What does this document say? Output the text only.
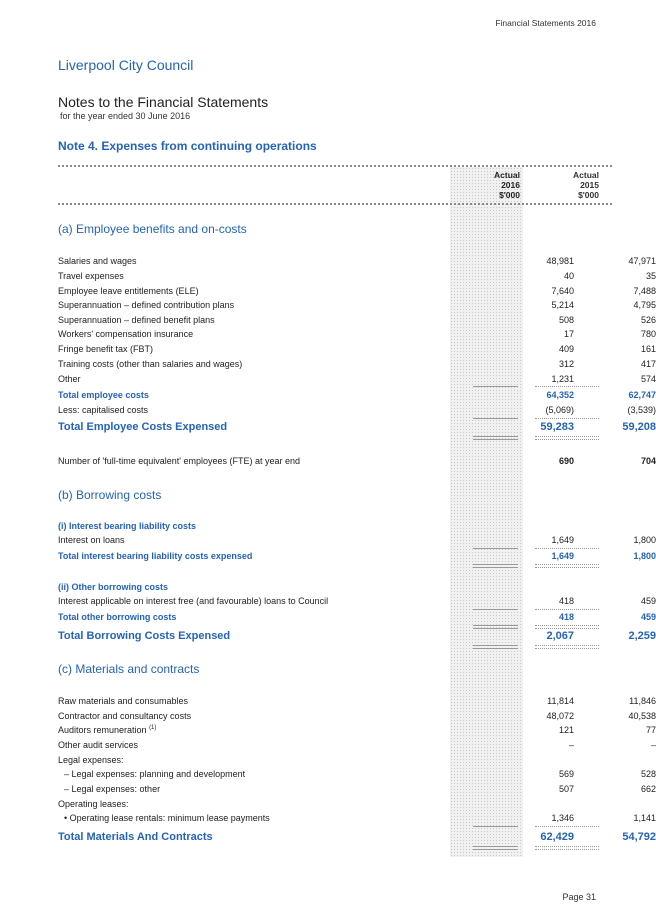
Financial Statements 2016
Liverpool City Council
Notes to the Financial Statements
for the year ended 30 June 2016
Note 4. Expenses from continuing operations
Actual
2016
$'000
Actual
2015
$'000
(a) Employee benefits and on-costs
Salaries and wages	48,981	47,971
Travel expenses	40	35
Employee leave entitlements (ELE)	7,640	7,488
Superannuation – defined contribution plans	5,214	4,795
Superannuation – defined benefit plans	508	526
Workers' compensation insurance	17	780
Fringe benefit tax (FBT)	409	161
Training costs (other than salaries and wages)	312	417
Other	1,231	574
Total employee costs	64,352	62,747
Less: capitalised costs	(5,069)	(3,539)
Total Employee Costs Expensed	59,283	59,208
Number of 'full-time equivalent' employees (FTE) at year end	690	704
(b) Borrowing costs
(i) Interest bearing liability costs
Interest on loans	1,649	1,800
Total interest bearing liability costs expensed	1,649	1,800
(ii) Other borrowing costs
Interest applicable on interest free (and favourable) loans to Council	418	459
Total other borrowing costs	418	459
Total Borrowing Costs Expensed	2,067	2,259
(c) Materials and contracts
Raw materials and consumables	11,814	11,846
Contractor and consultancy costs	48,072	40,538
Auditors remuneration $^{(1)}$	121	77
Other audit services	–	–
Legal expenses:
– Legal expenses: planning and development	569	528
– Legal expenses: other	507	662
Operating leases:
• Operating lease rentals: minimum lease payments	1,346	1,141
Total Materials And Contracts	62,429	54,792
Page 31
